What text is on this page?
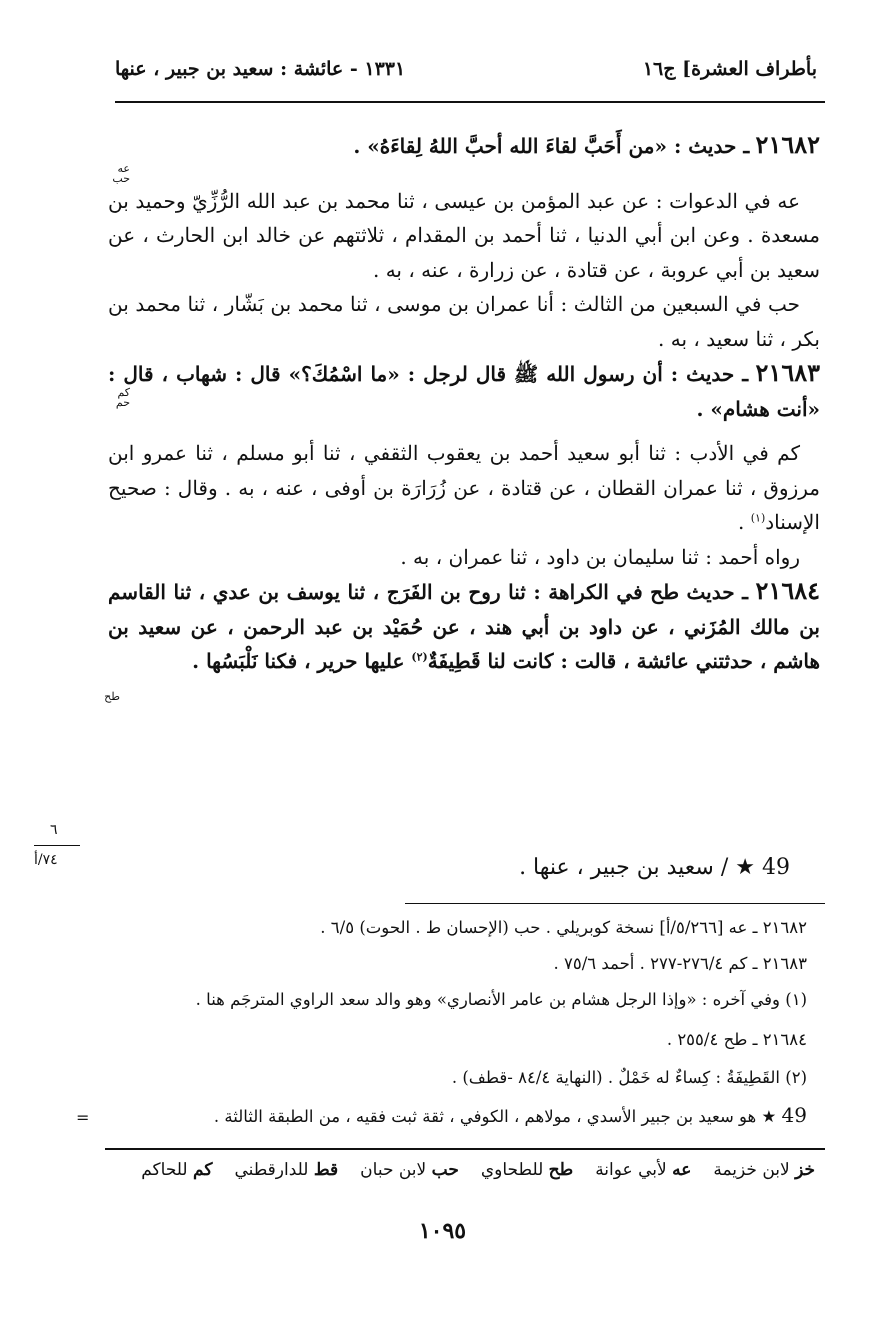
بأطراف العشرة] ج١٦
١٣٣١ - عائشة : سعيد بن جبير ، عنها

٢١٦٨٢ ـ حديث : «من أَحَبَّ لقاءَ الله أحبَّ اللهُ لِقاءَهُ» .

عه حب

عه في الدعوات : عن عبد المؤمن بن عيسى ، ثنا محمد بن عبد الله الرُّزِّيّ وحميد بن مسعدة . وعن ابن أبي الدنيا ، ثنا أحمد بن المقدام ، ثلاثتهم عن خالد ابن الحارث ، عن سعيد بن أبي عروبة ، عن قتادة ، عن زرارة ، عنه ، به .

حب في السبعين من الثالث : أنا عمران بن موسى ، ثنا محمد بن بَشّار ، ثنا محمد بن بكر ، ثنا سعيد ، به .

٢١٦٨٣ ـ حديث : أن رسول الله ﷺ قال لرجل : «ما اسْمُكَ؟» قال : شهاب ، قال : «أنت هشام» .

كم حم

كم في الأدب : ثنا أبو سعيد أحمد بن يعقوب الثقفي ، ثنا أبو مسلم ، ثنا عمرو ابن مرزوق ، ثنا عمران القطان ، عن قتادة ، عن زُرَارَة بن أوفى ، عنه ، به . وقال : صحيح الإسناد$^{(١)}$ .

رواه أحمد : ثنا سليمان بن داود ، ثنا عمران ، به .

٢١٦٨٤ ـ حديث طح في الكراهة : ثنا روح بن الفَرَج ، ثنا يوسف بن عدي ، ثنا القاسم بن مالك المُزَني ، عن داود بن أبي هند ، عن حُمَيْد بن عبد الرحمن ، عن سعيد بن هاشم ، حدثتني عائشة ، قالت : كانت لنا قَطِيفَةٌ$^{(٢)}$ عليها حرير ، فكنا نَلْبَسُها .

طح
49 ★ / سعيد بن جبير ، عنها .
٦
٧٤/أ
٢١٦٨٢ ـ عه [٥/٢٦٦/أ] نسخة كوبريلي . حب (الإحسان ط . الحوت) ٦/٥ .
٢١٦٨٣ ـ كم ٢٧٦/٤-٢٧٧ . أحمد ٧٥/٦ .
(١) وفي آخره : «وإذا الرجل هشام بن عامر الأنصاري» وهو والد سعد الراوي المترجَم هنا .
٢١٦٨٤ ـ طح ٢٥٥/٤ .
(٢) القَطِيفَةُ : كِساءٌ له خَمْلٌ . (النهاية ٨٤/٤ -قطف) .
49 ★ هو سعيد بن جبير الأسدي ، مولاهم ، الكوفي ، ثقة ثبت فقيه ، من الطبقة الثالثة .
=
خز لابن خزيمة
عه لأبي عوانة
طح للطحاوي
حب لابن حبان
قط للدارقطني
كم للحاكم
١٠٩٥
